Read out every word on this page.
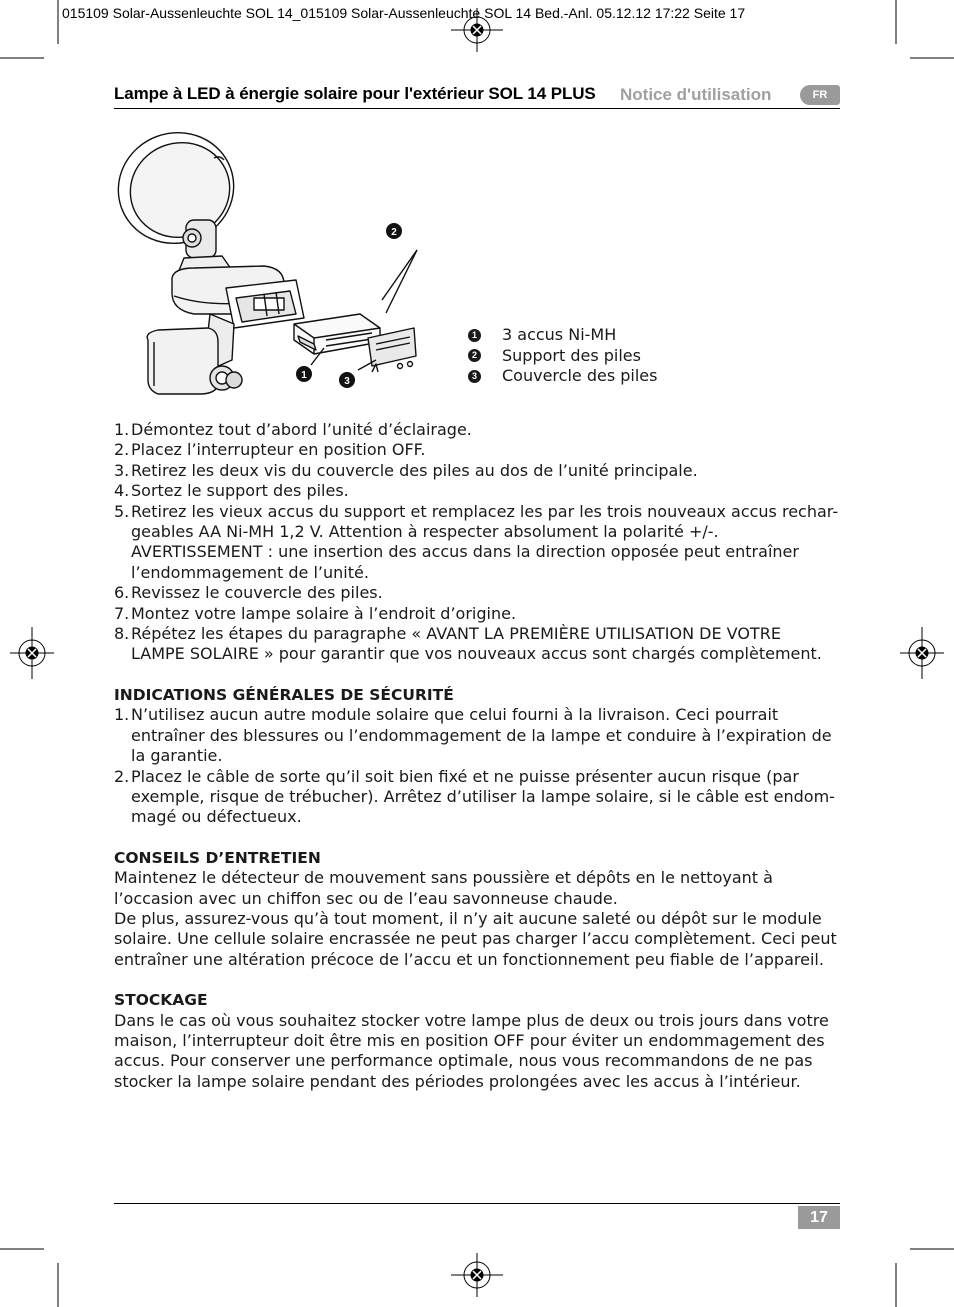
015109 Solar-Aussenleuchte SOL 14_015109 Solar-Aussenleuchte SOL 14 Bed.-Anl. 05.12.12 17:22 Seite 17
Lampe à LED à énergie solaire pour l'extérieur SOL 14 PLUS Notice d'utilisation	FR
2
1
3
1 3 accus Ni-MH
2 Support des piles
3 Couvercle des piles
1. Démontez tout d’abord l’unité d’éclairage.
2. Placez l’interrupteur en position OFF.
3. Retirez les deux vis du couvercle des piles au dos de l’unité principale.
4. Sortez le support des piles.
5. Retirez les vieux accus du support et remplacez les par les trois nouveaux accus rechar-
geables AA Ni-MH 1,2 V. Attention à respecter absolument la polarité +/-.
AVERTISSEMENT : une insertion des accus dans la direction opposée peut entraîner
l’endommagement de l’unité.
6. Revissez le couvercle des piles.
7. Montez votre lampe solaire à l’endroit d’origine.
8. Répétez les étapes du paragraphe « AVANT LA PREMIÈRE UTILISATION DE VOTRE
LAMPE SOLAIRE » pour garantir que vos nouveaux accus sont chargés complètement.
INDICATIONS GÉNÉRALES DE SÉCURITÉ
1. N’utilisez aucun autre module solaire que celui fourni à la livraison. Ceci pourrait
entraîner des blessures ou l’endommagement de la lampe et conduire à l’expiration de
la garantie.
2. Placez le câble de sorte qu’il soit bien fixé et ne puisse présenter aucun risque (par
exemple, risque de trébucher). Arrêtez d’utiliser la lampe solaire, si le câble est endom-
magé ou défectueux.
CONSEILS D’ENTRETIEN

Maintenez le détecteur de mouvement sans poussière et dépôts en le nettoyant à
l’occasion avec un chiffon sec ou de l’eau savonneuse chaude.

De plus, assurez-vous qu’à tout moment, il n’y ait aucune saleté ou dépôt sur le module
solaire. Une cellule solaire encrassée ne peut pas charger l’accu complètement. Ceci peut
entraîner une altération précoce de l’accu et un fonctionnement peu fiable de l’appareil.

STOCKAGE

Dans le cas où vous souhaitez stocker votre lampe plus de deux ou trois jours dans votre
maison, l’interrupteur doit être mis en position OFF pour éviter un endommagement des
accus. Pour conserver une performance optimale, nous vous recommandons de ne pas
stocker la lampe solaire pendant des périodes prolongées avec les accus à l’intérieur.

17
